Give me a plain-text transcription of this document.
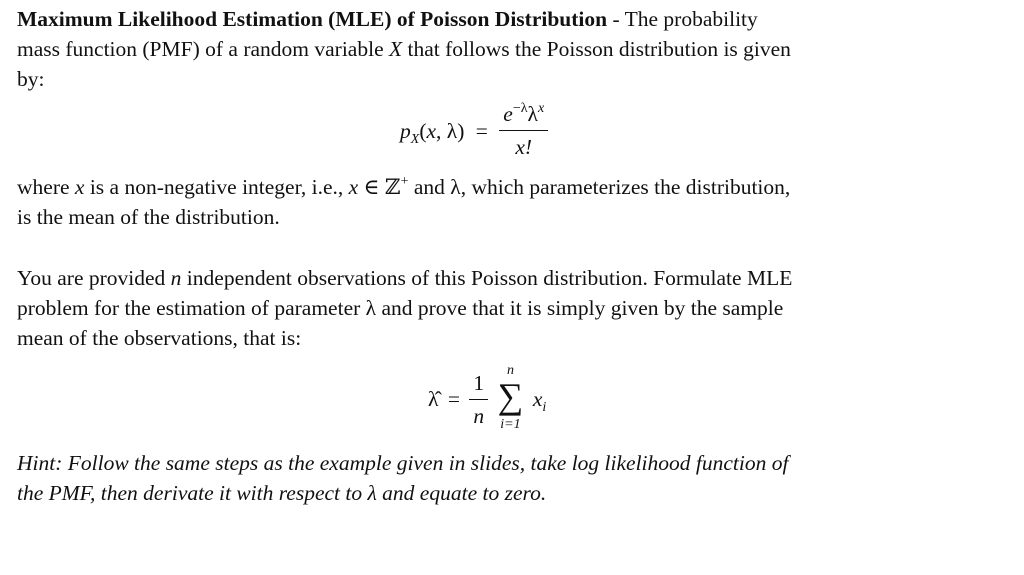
Maximum Likelihood Estimation (MLE) of Poisson Distribution - The probability
mass function (PMF) of a random variable X that follows the Poisson distribution is given
by:
$p_X(x$, $\lambda) = \frac{e^{-\lambda}\lambda^x}{x!}$
where x is a non-negative integer, i.e., x ∈ ℤ+ and λ, which parameterizes the distribution,
is the mean of the distribution.
You are provided n independent observations of this Poisson distribution. Formulate MLE
problem for the estimation of parameter λ and prove that it is simply given by the sample
mean of the observations, that is:
λ̂ = $\frac{1}{n}$
	n
∑
i=1
$x_i$
Hint: Follow the same steps as the example given in slides, take log likelihood function of
the PMF, then derivate it with respect to λ and equate to zero.
